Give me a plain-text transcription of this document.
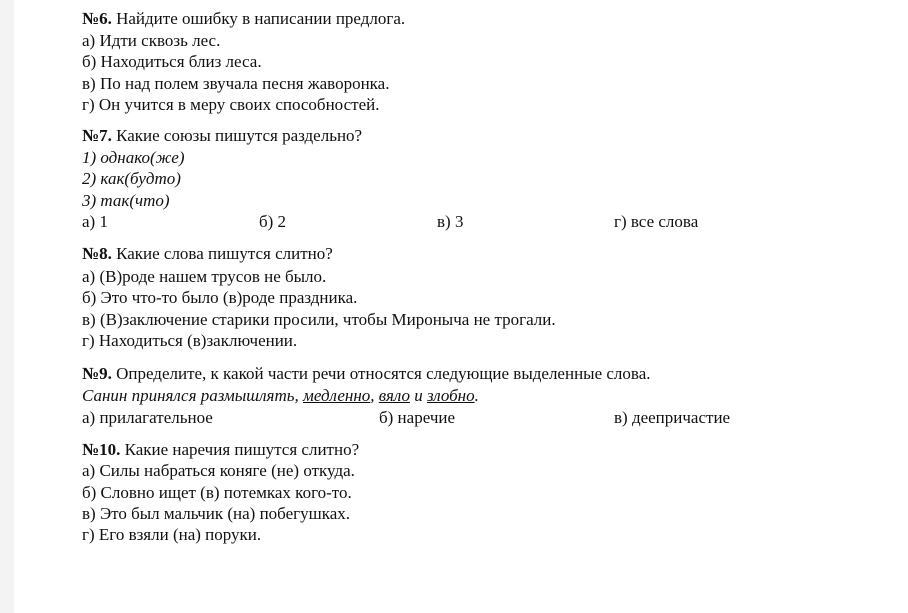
№6. Найдите ошибку в написании предлога.
а) Идти сквозь лес.
б) Находиться близ леса.
в) По над полем звучала песня жаворонка.
г) Он учится в меру своих способностей.
№7. Какие союзы пишутся раздельно?
1) однако(же)
2) как(будто)
3) так(что)
а) 1	б) 2	в) 3	г) все слова
№8. Какие слова пишутся слитно?
а) (В)роде нашем трусов не было.
б) Это что-то было (в)роде праздника.
в) (В)заключение старики просили, чтобы Мироныча не трогали.
г) Находиться (в)заключении.
№9. Определите, к какой части речи относятся следующие выделенные слова.
Санин принялся размышлять, медленно, вяло и злобно.
а) прилагательное	б) наречие	в) деепричастие
№10. Какие наречия пишутся слитно?
а) Силы набраться коняге (не) откуда.
б) Словно ищет (в) потемках кого-то.
в) Это был мальчик (на) побегушках.
г) Его взяли (на) поруки.
